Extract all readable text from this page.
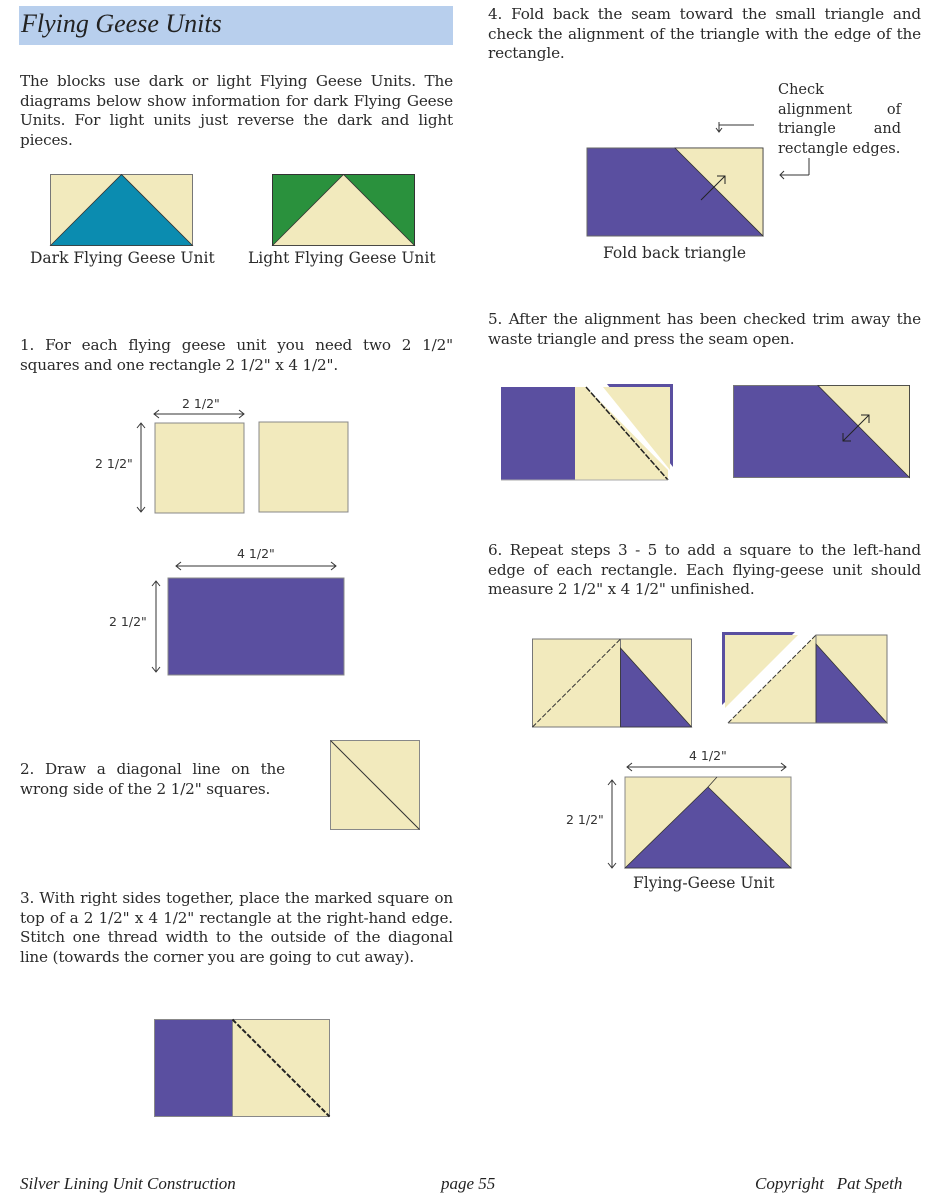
Flying Geese Units
The blocks use dark or light Flying Geese Units. The diagrams below show information for dark Flying Geese Units. For light units just reverse the dark and light pieces.
Dark Flying Geese Unit Light Flying Geese Unit
1. For each flying geese unit you need two 2 1/2" squares and one rectangle 2 1/2" x 4 1/2".
2 1/2"
2 1/2"
4 1/2"
2 1/2"
2. Draw a diagonal line on the wrong side of the 2 1/2" squares.
3. With right sides together, place the marked square on top of a 2 1/2" x 4 1/2" rectangle at the right-hand edge. Stitch one thread width to the outside of the diagonal line (towards the corner you are going to cut away).
4. Fold back the seam toward the small triangle and check the alignment of the triangle with the edge of the rectangle.
Check alignment of triangle and rectangle edges.
Fold back triangle
5. After the alignment has been checked trim away the waste triangle and press the seam open.
6. Repeat steps 3 - 5 to add a square to the left-hand edge of each rectangle. Each flying-geese unit should measure 2 1/2" x 4 1/2" unfinished.
4 1/2"
2 1/2"
Flying-Geese Unit
Silver Lining Unit Construction	page 55	Copyright   Pat Speth
